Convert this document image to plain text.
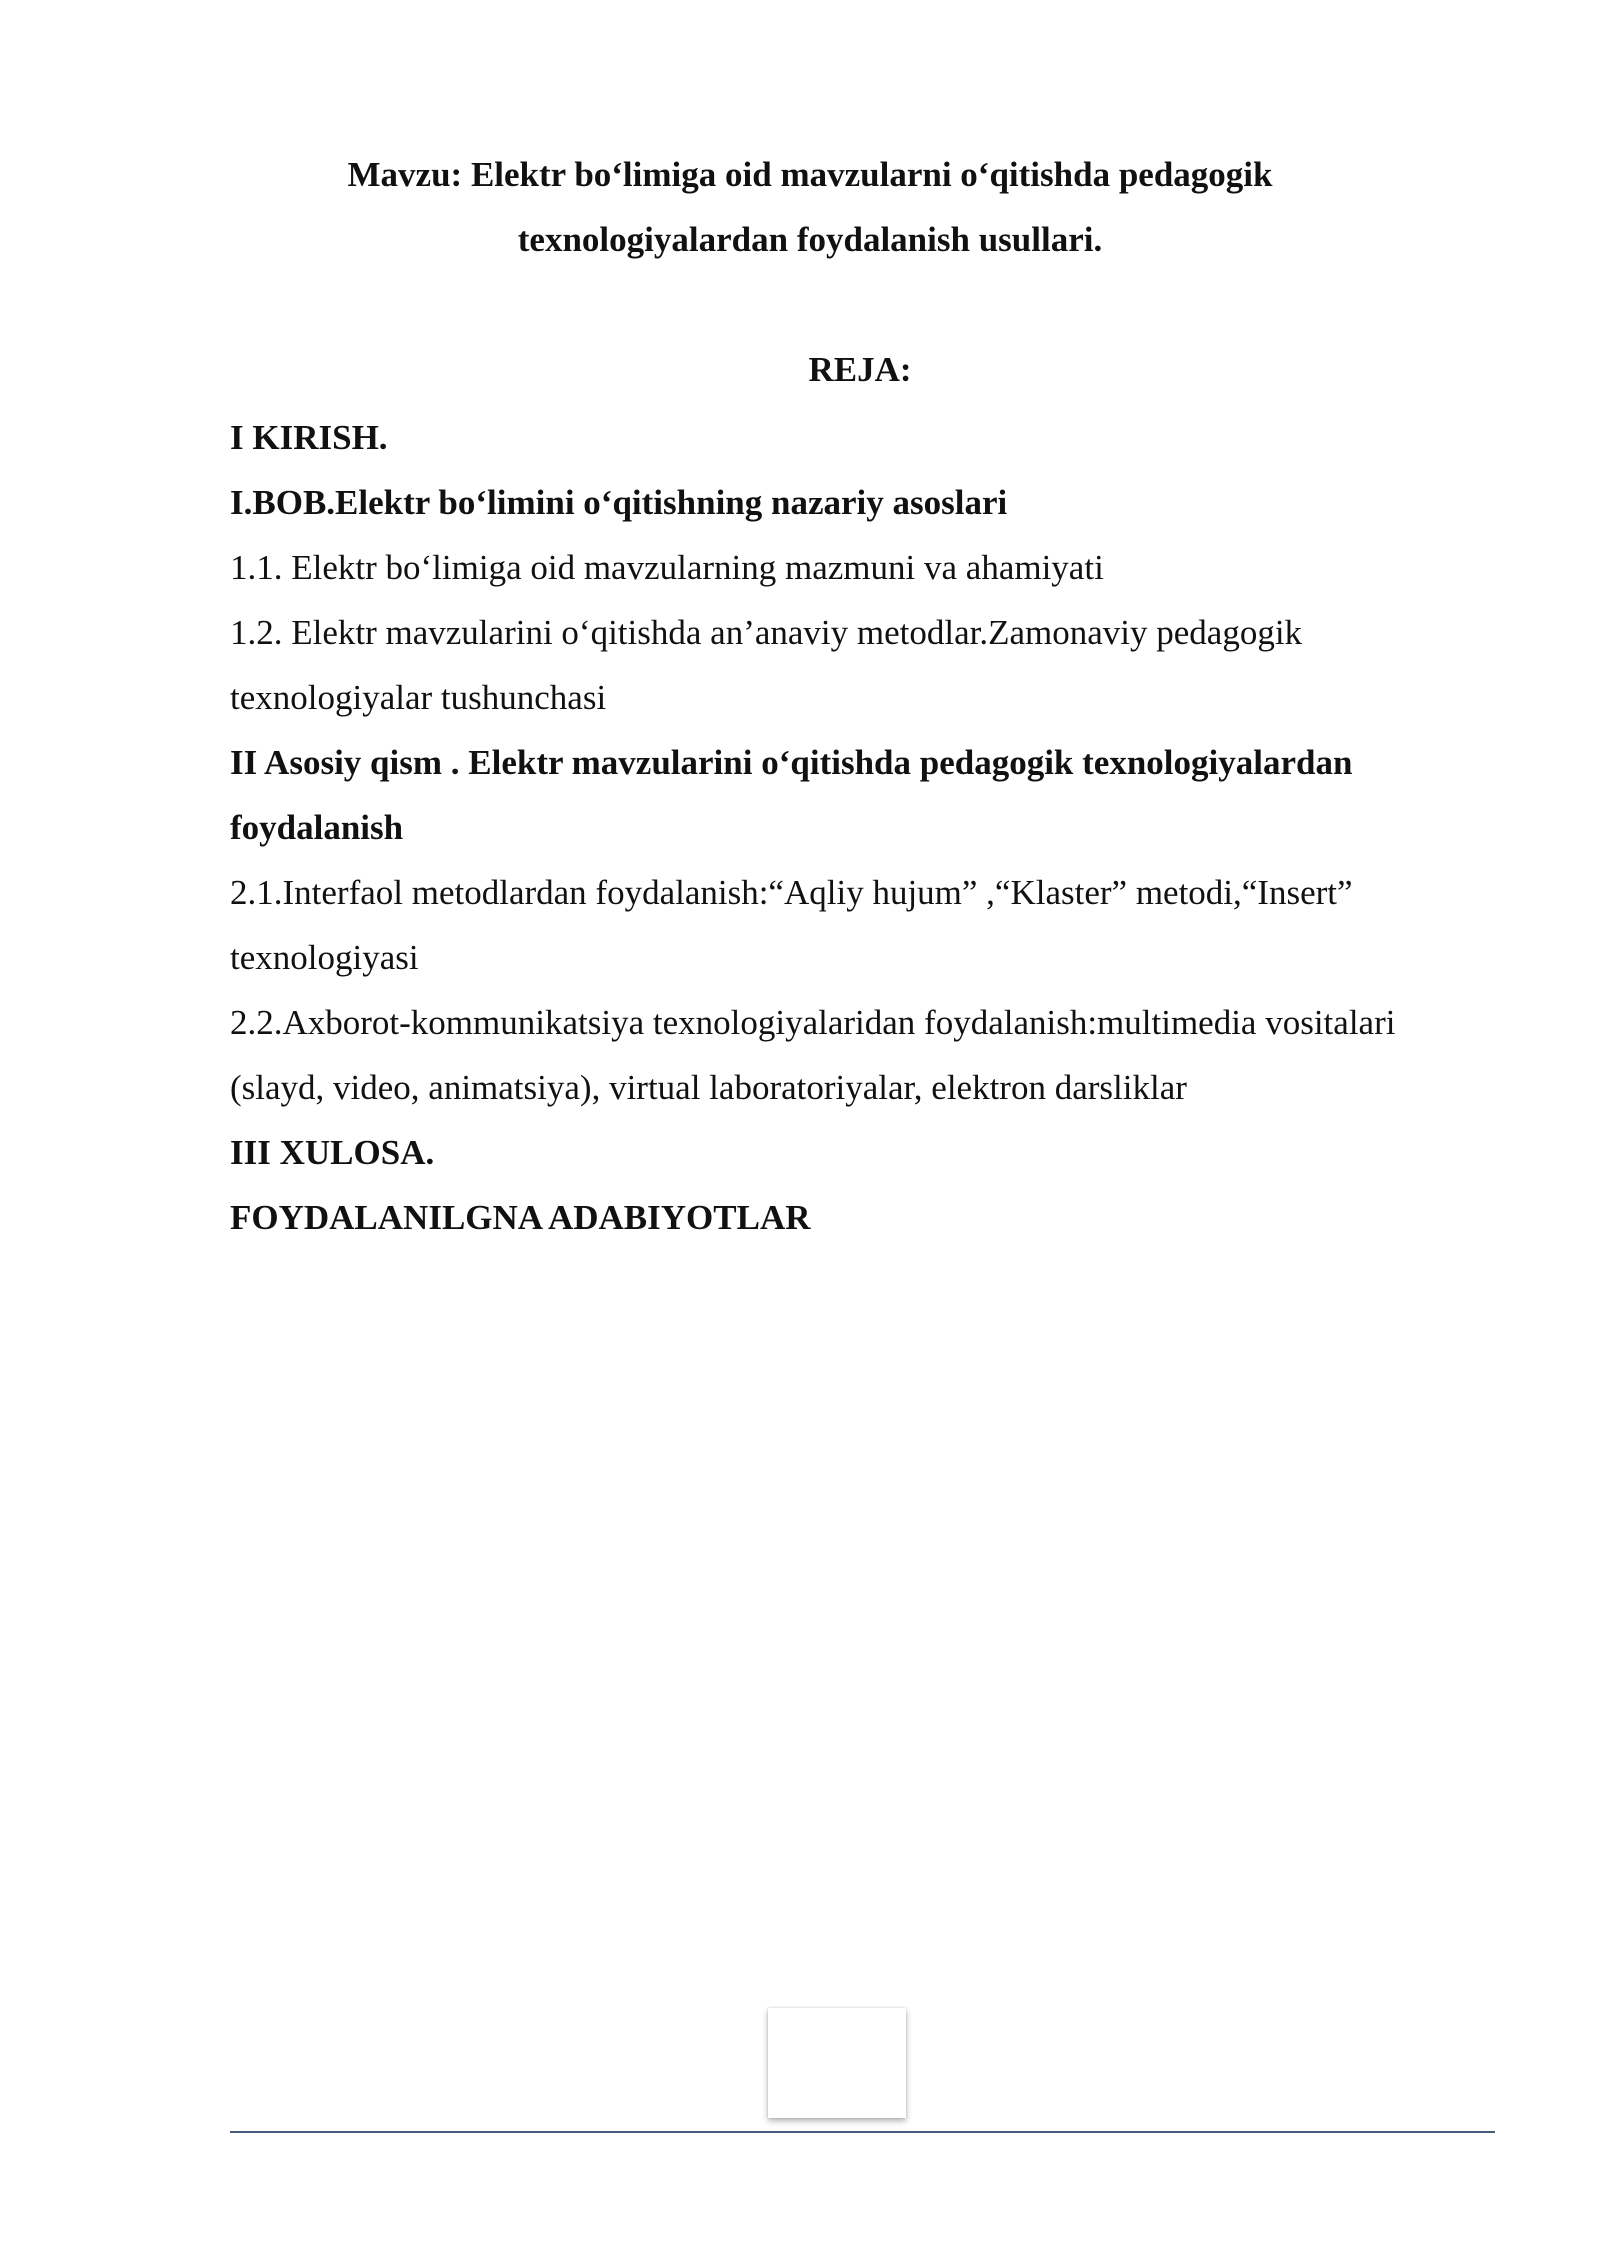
Mavzu: Elektr bo‘limiga oid mavzularni o‘qitishda pedagogik
texnologiyalardan foydalanish usullari.
REJA:
I KIRISH.
I.BOB.Elektr bo‘limini o‘qitishning nazariy asoslari
1.1. Elektr bo‘limiga oid mavzularning mazmuni va ahamiyati
1.2. Elektr mavzularini o‘qitishda an’anaviy metodlar.Zamonaviy pedagogik
texnologiyalar tushunchasi
II Asosiy qism . Elektr mavzularini o‘qitishda pedagogik texnologiyalardan
foydalanish
2.1.Interfaol metodlardan foydalanish:“Aqliy hujum” ,“Klaster” metodi,“Insert”
texnologiyasi
2.2.Axborot-kommunikatsiya texnologiyalaridan foydalanish:multimedia vositalari
(slayd, video, animatsiya), virtual laboratoriyalar, elektron darsliklar
III XULOSA.
FOYDALANILGNA ADABIYOTLAR
